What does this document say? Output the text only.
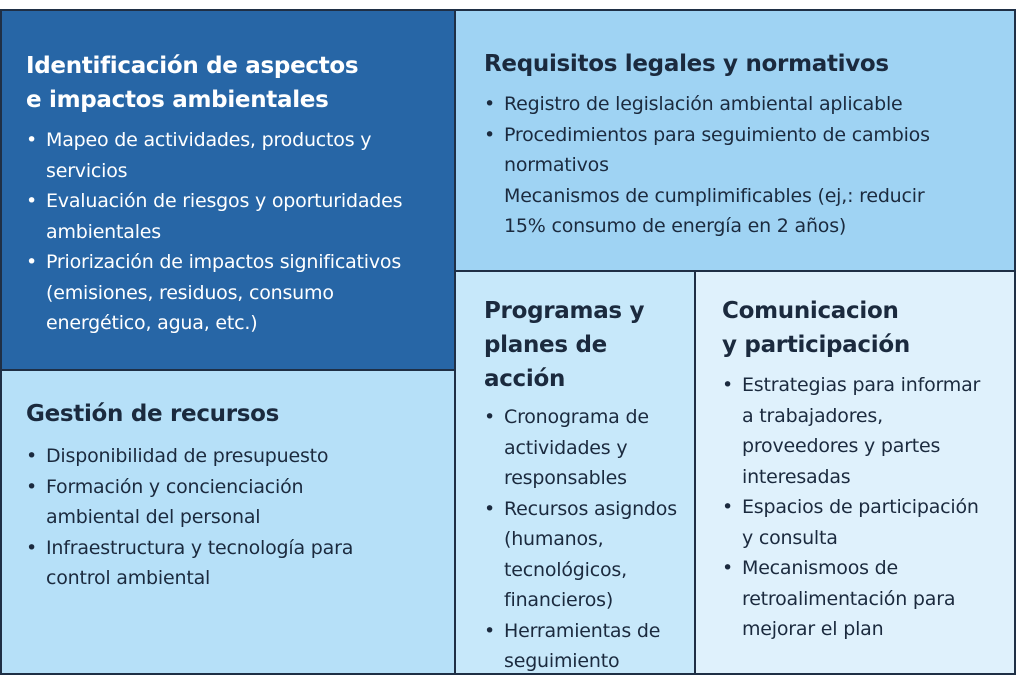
Identificación de aspectos
e impactos ambientales
• Mapeo de actividades, productos y
servicios
• Evaluación de riesgos y oporturidades
ambientales
• Priorización de impactos significativos
(emisiones, residuos, consumo
energético, agua, etc.)
Requisitos legales y normativos
• Registro de legislación ambiental aplicable
• Procedimientos para seguimiento de cambios
normativos
Mecanismos de cumplimificables (ej,: reducir
15% consumo de energía en 2 años)
Gestión de recursos
• Disponibilidad de presupuesto
• Formación y concienciación
ambiental del personal
• Infraestructura y tecnología para
control ambiental
Programas y
planes de acción
• Cronograma de
actividades y
responsables
• Recursos asigndos
(humanos,
tecnológicos,
financieros)
• Herramientas de
seguimiento
Comunicacion
y participación
• Estrategias para informar
a trabajadores,
proveedores y partes
interesadas
• Espacios de participación
y consulta
• Mecanismoos de
retroalimentación para
mejorar el plan
